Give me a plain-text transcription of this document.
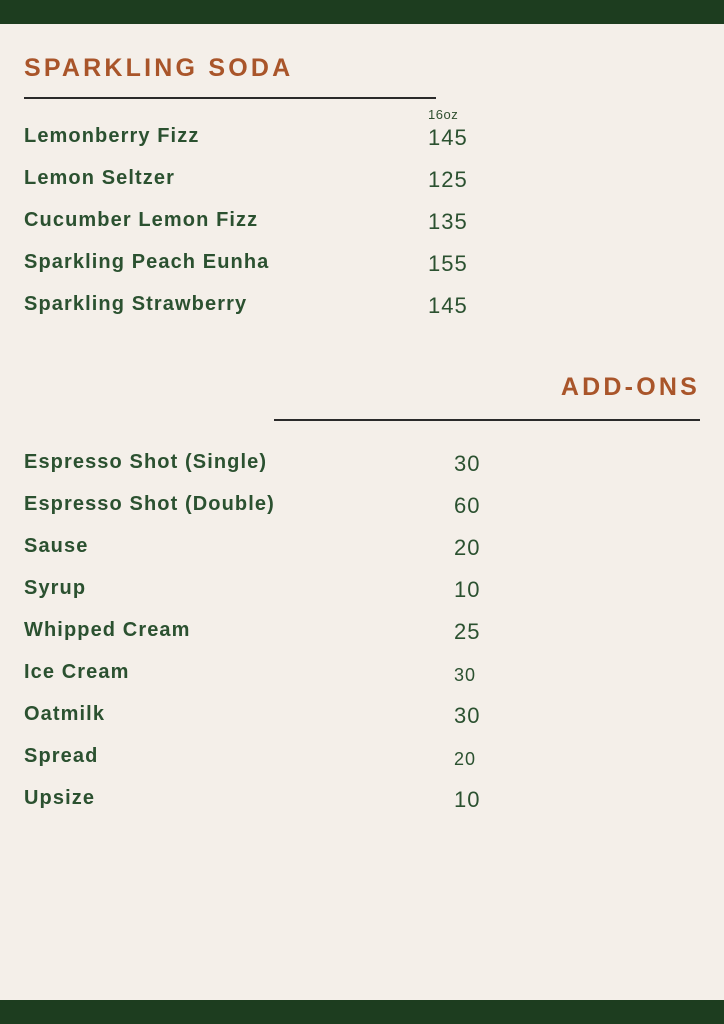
SPARKLING SODA
16oz
Lemonberry Fizz	145
Lemon Seltzer	125
Cucumber Lemon Fizz	135
Sparkling Peach Eunha	155
Sparkling Strawberry	145
ADD-ONS
Espresso Shot (Single)	30
Espresso Shot (Double)	60
Sause	20
Syrup	10
Whipped Cream	25
Ice Cream	30
Oatmilk	30
Spread	20
Upsize	10
